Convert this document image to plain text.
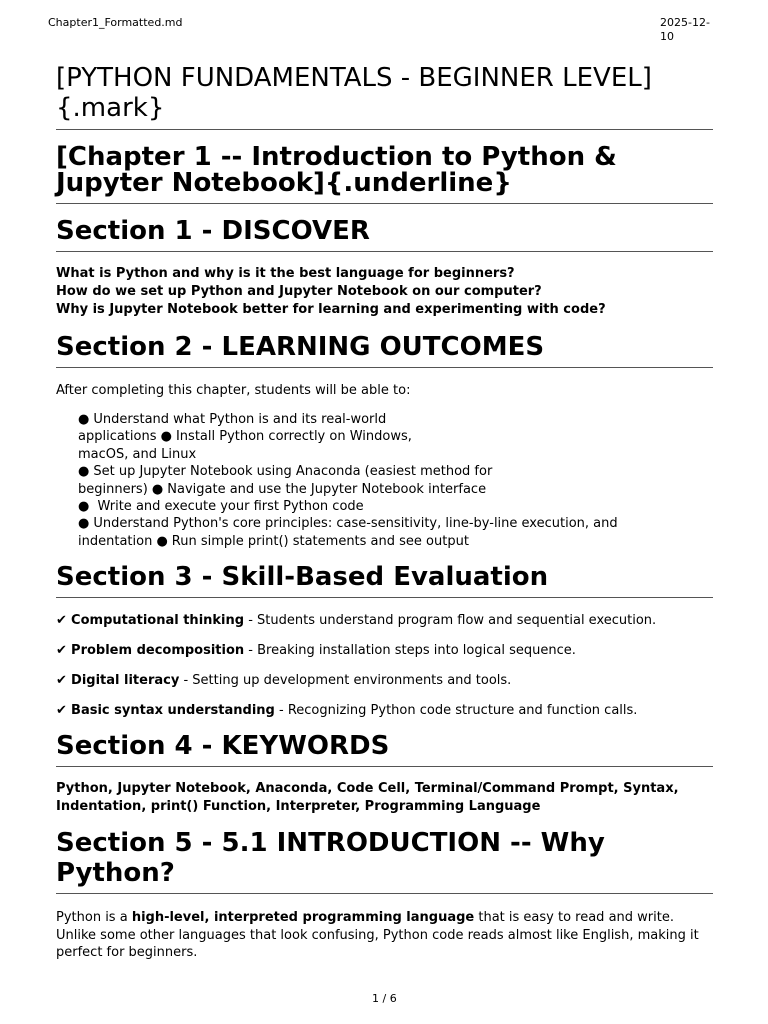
Chapter1_Formatted.md	2025-12-10
[PYTHON FUNDAMENTALS - BEGINNER LEVEL]{.mark}
[Chapter 1 -- Introduction to Python & Jupyter Notebook]{.underline}
Section 1 - DISCOVER
What is Python and why is it the best language for beginners?
How do we set up Python and Jupyter Notebook on our computer?
Why is Jupyter Notebook better for learning and experimenting with code?
Section 2 - LEARNING OUTCOMES
After completing this chapter, students will be able to:
● Understand what Python is and its real-world
applications ● Install Python correctly on Windows,
macOS, and Linux
● Set up Jupyter Notebook using Anaconda (easiest method for
beginners) ● Navigate and use the Jupyter Notebook interface
● Write and execute your first Python code
● Understand Python's core principles: case-sensitivity, line-by-line execution, and
indentation ● Run simple print() statements and see output
Section 3 - Skill-Based Evaluation
✔ Computational thinking - Students understand program flow and sequential execution.
✔ Problem decomposition - Breaking installation steps into logical sequence.
✔ Digital literacy - Setting up development environments and tools.
✔ Basic syntax understanding - Recognizing Python code structure and function calls.
Section 4 - KEYWORDS
Python, Jupyter Notebook, Anaconda, Code Cell, Terminal/Command Prompt, Syntax, Indentation, print() Function, Interpreter, Programming Language
Section 5 - 5.1 INTRODUCTION -- Why Python?
Python is a high-level, interpreted programming language that is easy to read and write. Unlike some other languages that look confusing, Python code reads almost like English, making it perfect for beginners.
1 / 6
